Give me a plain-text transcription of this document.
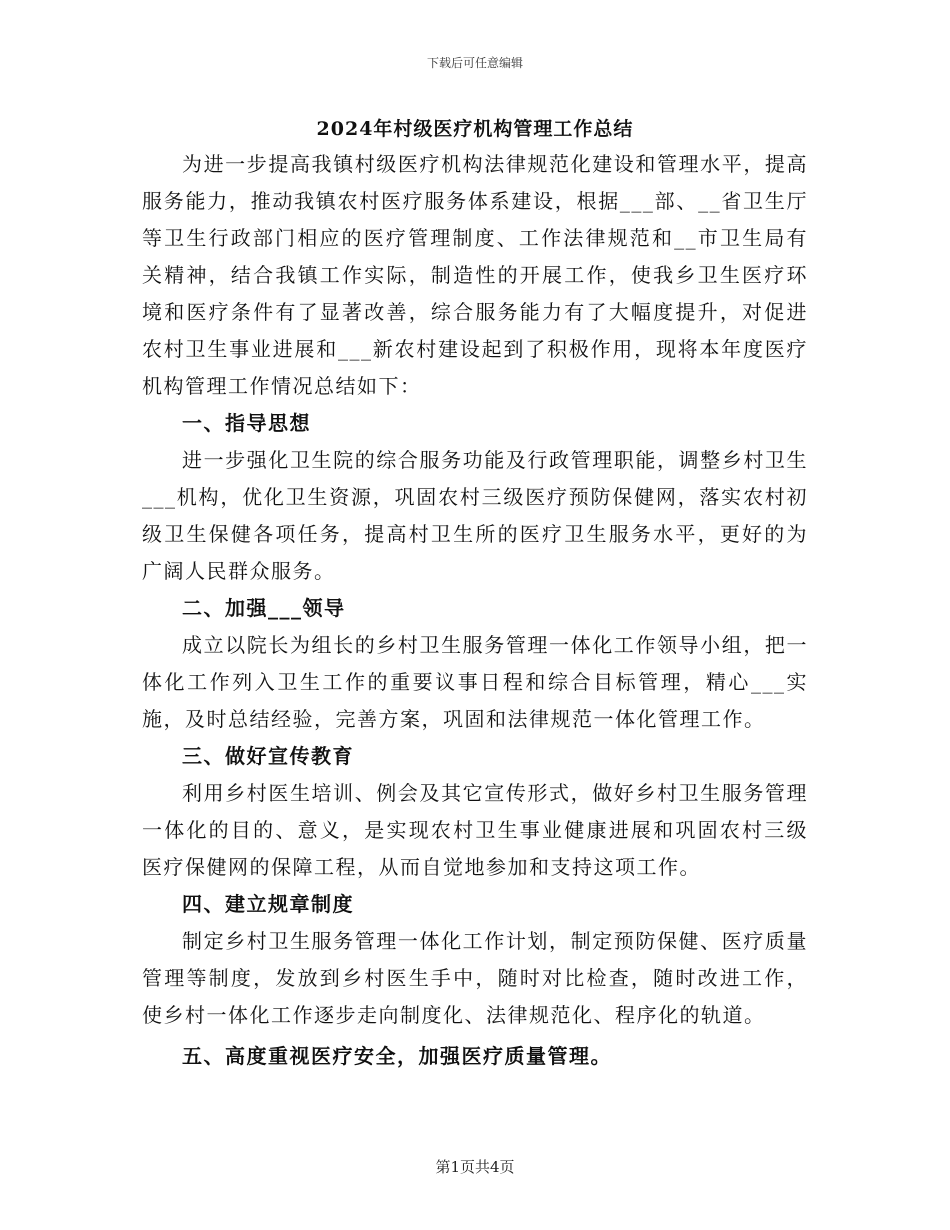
下载后可任意编辑
2024年村级医疗机构管理工作总结

为进一步提高我镇村级医疗机构法律规范化建设和管理水平，提高服务能力，推动我镇农村医疗服务体系建设，根据___部、__省卫生厅等卫生行政部门相应的医疗管理制度、工作法律规范和__市卫生局有关精神，结合我镇工作实际，制造性的开展工作，使我乡卫生医疗环境和医疗条件有了显著改善，综合服务能力有了大幅度提升，对促进农村卫生事业进展和___新农村建设起到了积极作用，现将本年度医疗机构管理工作情况总结如下：

一、指导思想

进一步强化卫生院的综合服务功能及行政管理职能，调整乡村卫生___机构，优化卫生资源，巩固农村三级医疗预防保健网，落实农村初级卫生保健各项任务，提高村卫生所的医疗卫生服务水平，更好的为广阔人民群众服务。

二、加强___领导

成立以院长为组长的乡村卫生服务管理一体化工作领导小组，把一体化工作列入卫生工作的重要议事日程和综合目标管理，精心___实施，及时总结经验，完善方案，巩固和法律规范一体化管理工作。

三、做好宣传教育

利用乡村医生培训、例会及其它宣传形式，做好乡村卫生服务管理一体化的目的、意义，是实现农村卫生事业健康进展和巩固农村三级医疗保健网的保障工程，从而自觉地参加和支持这项工作。

四、建立规章制度

制定乡村卫生服务管理一体化工作计划，制定预防保健、医疗质量管理等制度，发放到乡村医生手中，随时对比检查，随时改进工作，使乡村一体化工作逐步走向制度化、法律规范化、程序化的轨道。

五、高度重视医疗安全，加强医疗质量管理。

第1页共4页
